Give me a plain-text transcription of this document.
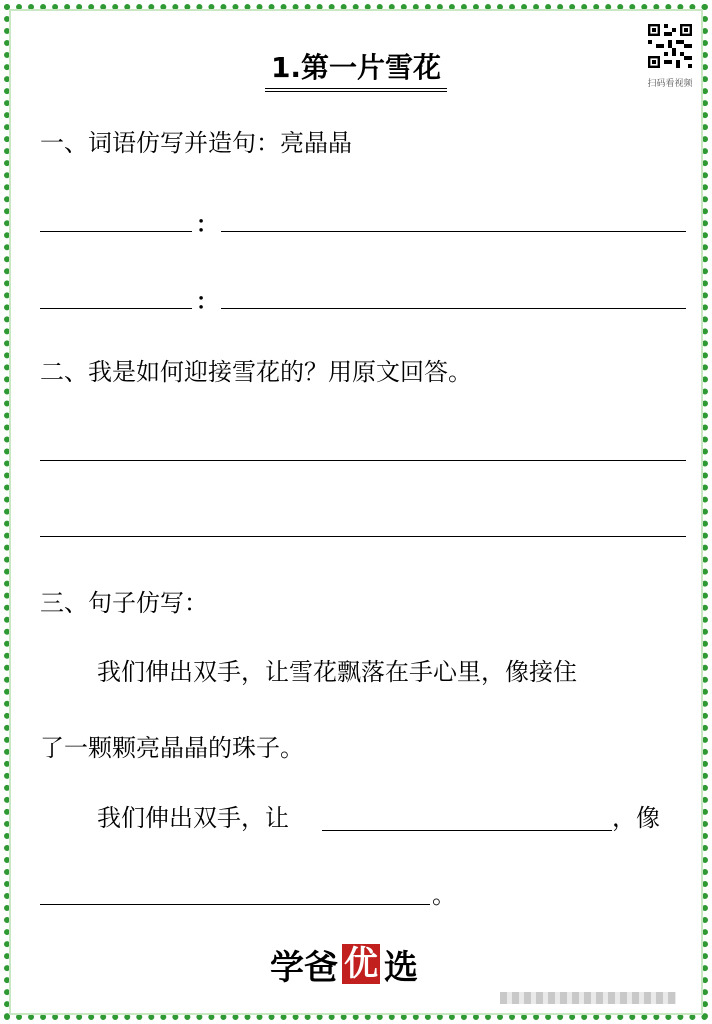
1.第一片雪花	扫码看视频
一、词语仿写并造句：亮晶晶
：
：
二、我是如何迎接雪花的？用原文回答。
三、句子仿写：
我们伸出双手，让雪花飘落在手心里，像接住
了一颗颗亮晶晶的珠子。
我们伸出双手，让	，像
。
学爸 优 选
